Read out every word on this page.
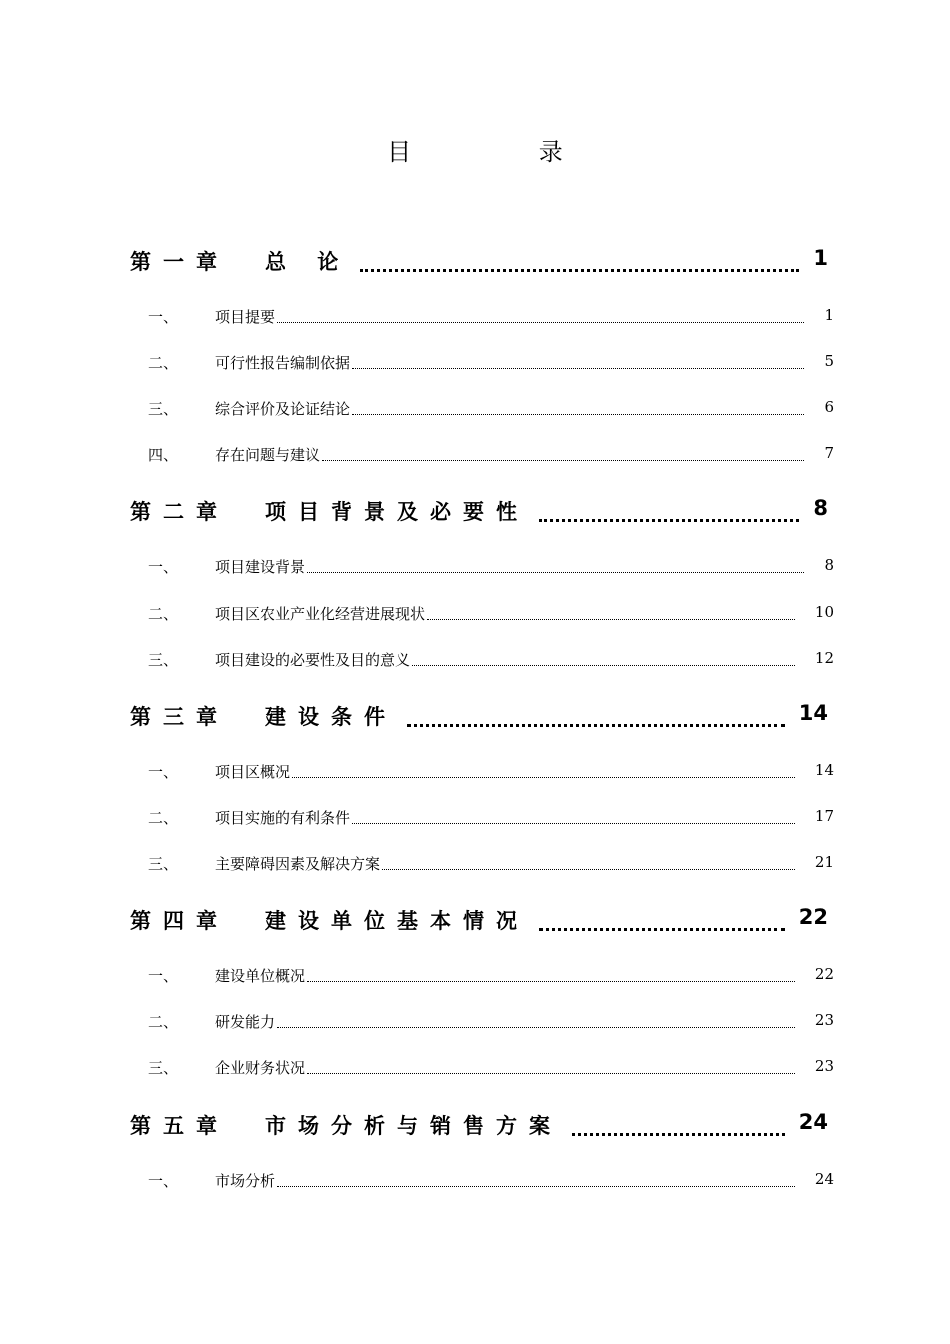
目 录
第一章 总 论	1
一、 项目提要	1
二、 可行性报告编制依据	5
三、 综合评价及论证结论	6
四、 存在问题与建议	7
第二章 项目背景及必要性	8
一、 项目建设背景	8
二、 项目区农业产业化经营进展现状	10
三、 项目建设的必要性及目的意义	12
第三章 建设条件	14
一、 项目区概况	14
二、 项目实施的有利条件	17
三、 主要障碍因素及解决方案	21
第四章 建设单位基本情况	22
一、 建设单位概况	22
二、 研发能力	23
三、 企业财务状况	23
第五章 市场分析与销售方案	24
一、 市场分析	24
